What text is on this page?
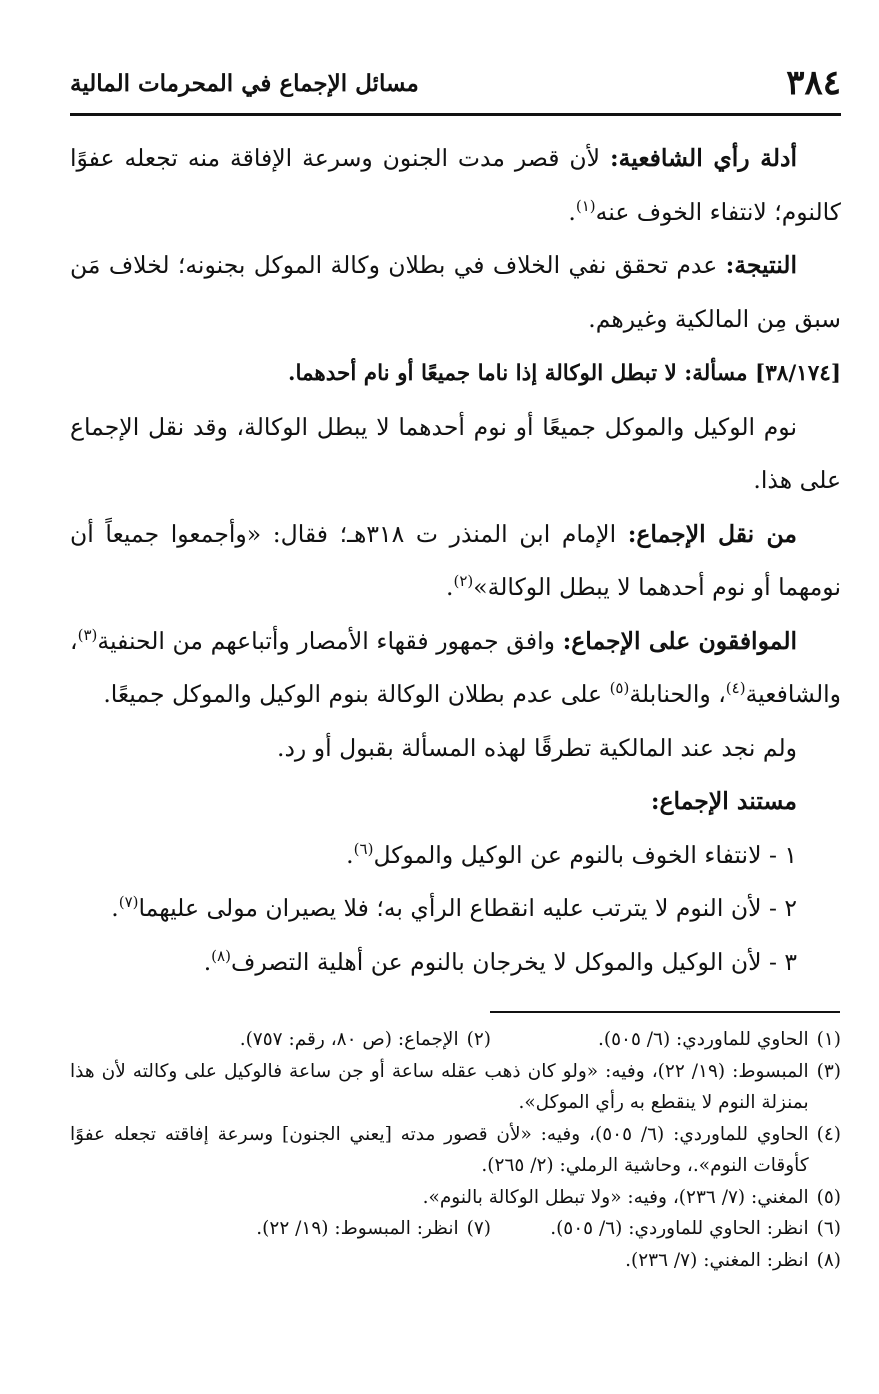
٣٨٤
مسائل الإجماع في المحرمات المالية

أدلة رأي الشافعية: لأن قصر مدت الجنون وسرعة الإفاقة منه تجعله عفوًا كالنوم؛ لانتفاء الخوف عنه$^{(١)}$.

النتيجة: عدم تحقق نفي الخلاف في بطلان وكالة الموكل بجنونه؛ لخلاف مَن سبق مِن المالكية وغيرهم.

[٣٨/١٧٤] مسألة: لا تبطل الوكالة إذا ناما جميعًا أو نام أحدهما.

نوم الوكيل والموكل جميعًا أو نوم أحدهما لا يبطل الوكالة، وقد نقل الإجماع على هذا.

من نقل الإجماع: الإمام ابن المنذر ت ٣١٨هـ؛ فقال: «وأجمعوا جميعاً أن نومهما أو نوم أحدهما لا يبطل الوكالة»$^{(٢)}$.

الموافقون على الإجماع: وافق جمهور فقهاء الأمصار وأتباعهم من الحنفية$^{(٣)}$، والشافعية$^{(٤)}$، والحنابلة$^{(٥)}$ على عدم بطلان الوكالة بنوم الوكيل والموكل جميعًا.

ولم نجد عند المالكية تطرقًا لهذه المسألة بقبول أو رد.

مستند الإجماع:

١ - لانتفاء الخوف بالنوم عن الوكيل والموكل$^{(٦)}$.

٢ - لأن النوم لا يترتب عليه انقطاع الرأي به؛ فلا يصيران مولى عليهما$^{(٧)}$.

٣ - لأن الوكيل والموكل لا يخرجان بالنوم عن أهلية التصرف$^{(٨)}$.

(١)
الحاوي للماوردي: (٦/ ٥٠٥).
(٢)
الإجماع: (ص ٨٠، رقم: ٧٥٧).
(٣)
المبسوط: (١٩/ ٢٢)، وفيه: «ولو كان ذهب عقله ساعة أو جن ساعة فالوكيل على وكالته لأن هذا بمنزلة النوم لا ينقطع به رأي الموكل».
(٤)
الحاوي للماوردي: (٦/ ٥٠٥)، وفيه: «لأن قصور مدته [يعني الجنون] وسرعة إفاقته تجعله عفوًا كأوقات النوم».، وحاشية الرملي: (٢/ ٢٦٥).
(٥)
المغني: (٧/ ٢٣٦)، وفيه: «ولا تبطل الوكالة بالنوم».
(٦)
انظر: الحاوي للماوردي: (٦/ ٥٠٥).
(٧)
انظر: المبسوط: (١٩/ ٢٢).
(٨)
انظر: المغني: (٧/ ٢٣٦).
